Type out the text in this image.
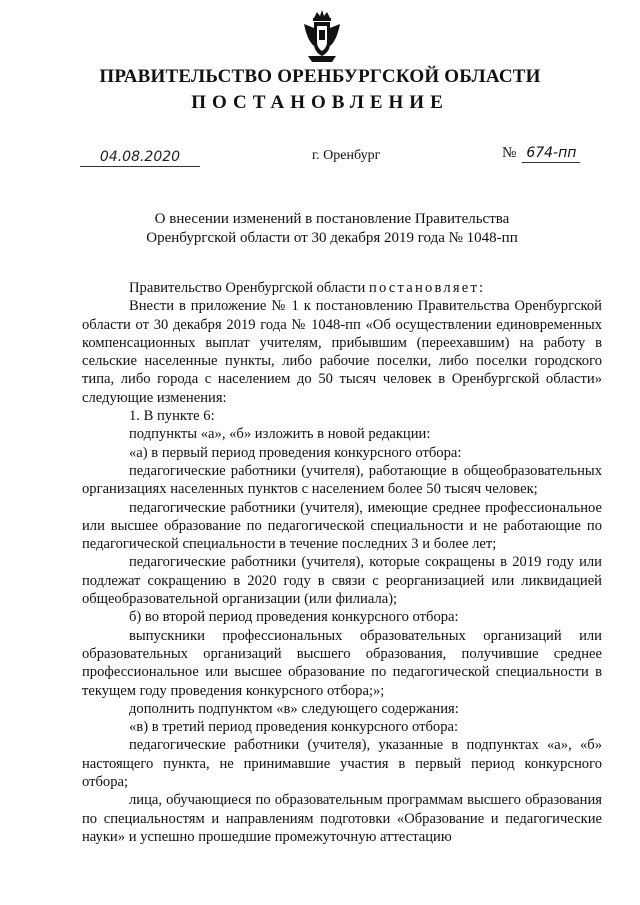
ПРАВИТЕЛЬСТВО ОРЕНБУРГСКОЙ ОБЛАСТИ
ПОСТАНОВЛЕНИЕ
04.08.2020	г. Оренбург	№ 674-пп
О внесении изменений в постановление Правительства Оренбургской области от 30 декабря 2019 года № 1048-пп

Правительство Оренбургской области постановляет:

Внести в приложение № 1 к постановлению Правительства Оренбургской области от 30 декабря 2019 года № 1048-пп «Об осуществлении единовременных компенсационных выплат учителям, прибывшим (переехавшим) на работу в сельские населенные пункты, либо рабочие поселки, либо поселки городского типа, либо города с населением до 50 тысяч человек в Оренбургской области» следующие изменения:

1. В пункте 6:

подпункты «а», «б» изложить в новой редакции:

«а) в первый период проведения конкурсного отбора:

педагогические работники (учителя), работающие в общеобразовательных организациях населенных пунктов с населением более 50 тысяч человек;

педагогические работники (учителя), имеющие среднее профессиональное или высшее образование по педагогической специальности и не работающие по педагогической специальности в течение последних 3 и более лет;

педагогические работники (учителя), которые сокращены в 2019 году или подлежат сокращению в 2020 году в связи с реорганизацией или ликвидацией общеобразовательной организации (или филиала);

б) во второй период проведения конкурсного отбора:

выпускники профессиональных образовательных организаций или образовательных организаций высшего образования, получившие среднее профессиональное или высшее образование по педагогической специальности в текущем году проведения конкурсного отбора;»;

дополнить подпунктом «в» следующего содержания:

«в) в третий период проведения конкурсного отбора:

педагогические работники (учителя), указанные в подпунктах «а», «б» настоящего пункта, не принимавшие участия в первый период конкурсного отбора;

лица, обучающиеся по образовательным программам высшего образования по специальностям и направлениям подготовки «Образование и педагогические науки» и успешно прошедшие промежуточную аттестацию
